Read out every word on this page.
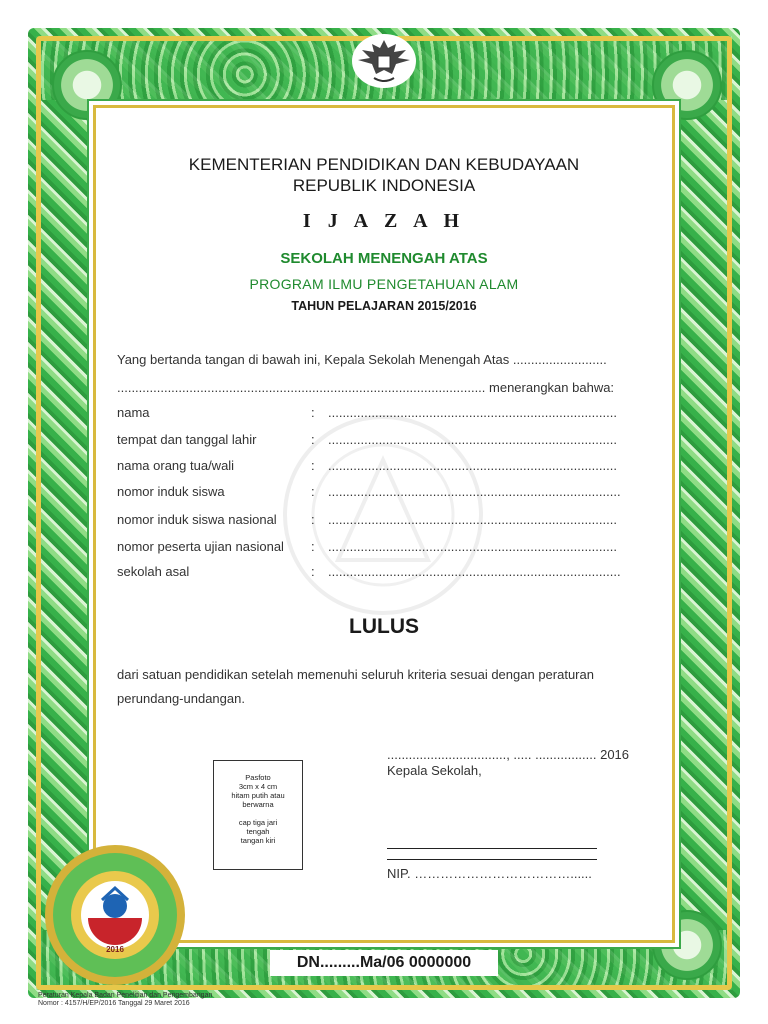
KEMENTERIAN PENDIDIKAN DAN KEBUDAYAAN
REPUBLIK INDONESIA
I J A Z A H
SEKOLAH MENENGAH ATAS
PROGRAM ILMU PENGETAHUAN ALAM
TAHUN PELAJARAN 2015/2016
Yang bertanda tangan di bawah ini, Kepala Sekolah Menengah Atas ..........................
...................................................................................................... menerangkan bahwa:
nama	: ................................................................................
tempat dan tanggal lahir	: ................................................................................
nama orang tua/wali	: ................................................................................
nomor induk siswa	: .................................................................................
nomor induk siswa nasional	: ................................................................................
nomor peserta ujian nasional : ................................................................................
sekolah asal	: .................................................................................
LULUS
dari satuan pendidikan setelah memenuhi seluruh kriteria sesuai dengan peraturan
perundang-undangan.
Pasfoto
3cm x 4 cm
hitam putih atau
berwarna
cap tiga jari
tengah
tangan kiri
................................., ..... ................. 2016
Kepala Sekolah,
NIP. ………………………………......
2016
DN.........Ma/06 0000000
Peraturan Kepala Badan Penelitian dan Pengembangan
Nomor : 4157/H/EP/2016 Tanggal 29 Maret 2016
